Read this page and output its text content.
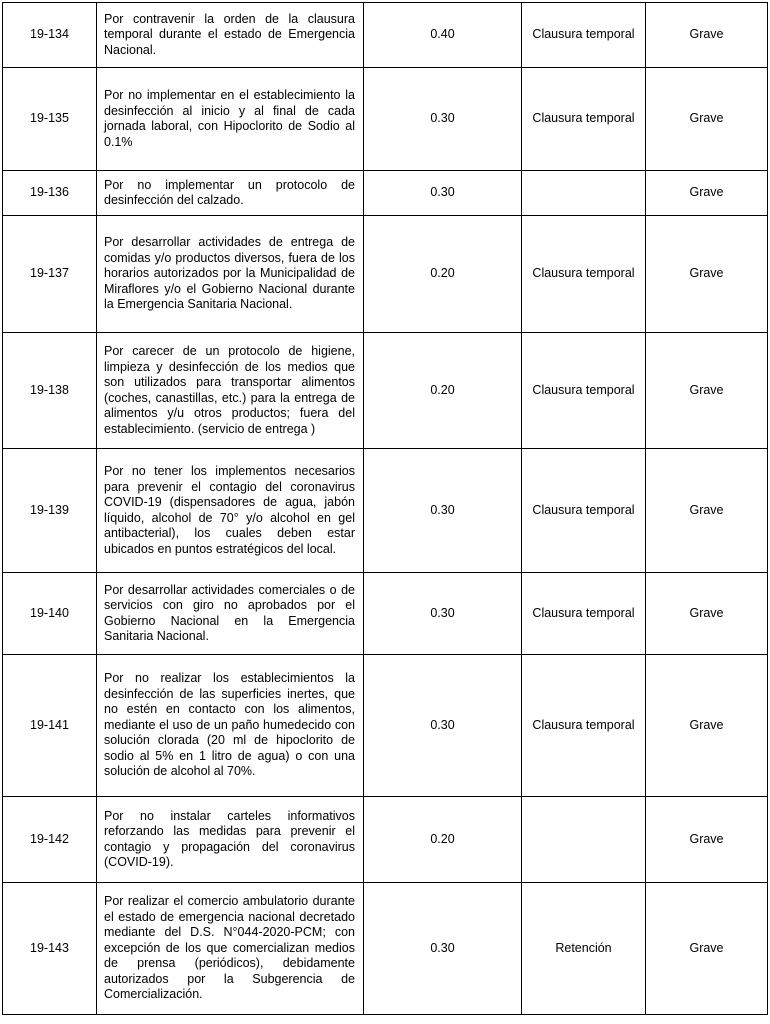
19-134	Por contravenir la orden de la clausura temporal durante el estado de Emergencia Nacional.	0.40	Clausura temporal	Grave
19-135	Por no implementar en el establecimiento la desinfección al inicio y al final de cada jornada laboral, con Hipoclorito de Sodio al 0.1%	0.30	Clausura temporal	Grave
19-136	Por no implementar un protocolo de desinfección del calzado.	0.30		Grave
19-137	Por desarrollar actividades de entrega de comidas y/o productos diversos, fuera de los horarios autorizados por la Municipalidad de Miraflores y/o el Gobierno Nacional durante la Emergencia Sanitaria Nacional.	0.20	Clausura temporal	Grave
19-138	Por carecer de un protocolo de higiene, limpieza y desinfección de los medios que son utilizados para transportar alimentos (coches, canastillas, etc.) para la entrega de alimentos y/u otros productos; fuera del establecimiento. (servicio de entrega )	0.20	Clausura temporal	Grave
19-139	Por no tener los implementos necesarios para prevenir el contagio del coronavirus COVID-19 (dispensadores de agua, jabón líquido, alcohol de 70° y/o alcohol en gel antibacterial), los cuales deben estar ubicados en puntos estratégicos del local.	0.30	Clausura temporal	Grave
19-140	Por desarrollar actividades comerciales o de servicios con giro no aprobados por el Gobierno Nacional en la Emergencia Sanitaria Nacional.	0.30	Clausura temporal	Grave
19-141	Por no realizar los establecimientos la desinfección de las superficies inertes, que no estén en contacto con los alimentos, mediante el uso de un paño humedecido con solución clorada (20 ml de hipoclorito de sodio al 5% en 1 litro de agua) o con una solución de alcohol al 70%.	0.30	Clausura temporal	Grave
19-142	Por no instalar carteles informativos reforzando las medidas para prevenir el contagio y propagación del coronavirus (COVID-19).	0.20		Grave
19-143	Por realizar el comercio ambulatorio durante el estado de emergencia nacional decretado mediante del D.S. N°044-2020-PCM; con excepción de los que comercializan medios de prensa (periódicos), debidamente autorizados por la Subgerencia de Comercialización.	0.30	Retención	Grave
